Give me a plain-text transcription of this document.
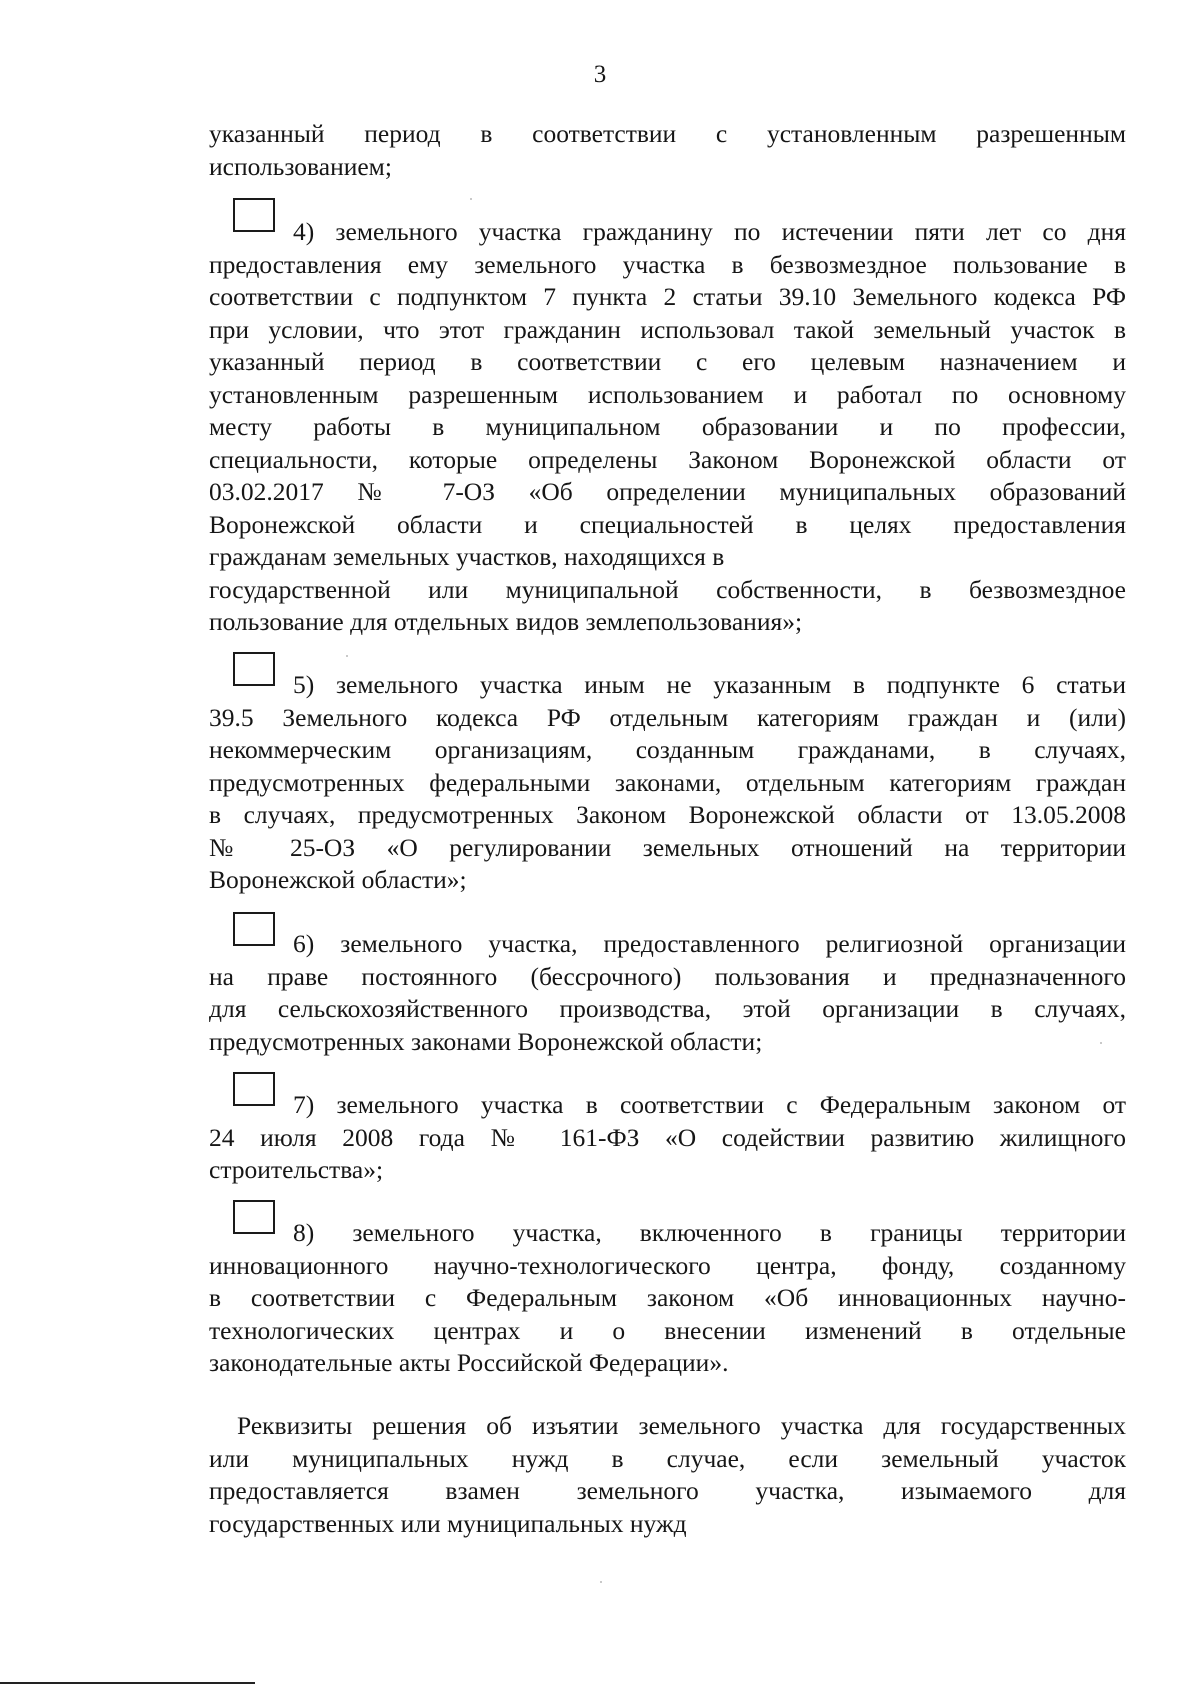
3
указанный период в соответствии с установленным разрешенным
использованием;
4) земельного участка гражданину по истечении пяти лет со дня
предоставления ему земельного участка в безвозмездное пользование в
соответствии с подпунктом 7 пункта 2 статьи 39.10 Земельного кодекса РФ
при условии, что этот гражданин использовал такой земельный участок в
указанный период в соответствии с его целевым назначением и
установленным разрешенным использованием и работал по основному
месту работы в муниципальном образовании и по профессии,
специальности, которые определены Законом Воронежской области от
03.02.2017 № 7-ОЗ «Об определении муниципальных образований
Воронежской области и специальностей в целях предоставления
гражданам земельных участков, находящихся в
государственной или муниципальной собственности, в безвозмездное
пользование для отдельных видов землепользования»;
5) земельного участка иным не указанным в подпункте 6 статьи
39.5 Земельного кодекса РФ отдельным категориям граждан и (или)
некоммерческим организациям, созданным гражданами, в случаях,
предусмотренных федеральными законами, отдельным категориям граждан
в случаях, предусмотренных Законом Воронежской области от 13.05.2008
№ 25-ОЗ «О регулировании земельных отношений на территории
Воронежской области»;
6) земельного участка, предоставленного религиозной организации
на праве постоянного (бессрочного) пользования и предназначенного
для сельскохозяйственного производства, этой организации в случаях,
предусмотренных законами Воронежской области;
7) земельного участка в соответствии с Федеральным законом от
24 июля 2008 года № 161-ФЗ «О содействии развитию жилищного
строительства»;
8) земельного участка, включенного в границы территории
инновационного научно-технологического центра, фонду, созданному
в соответствии с Федеральным законом «Об инновационных научно-
технологических центрах и о внесении изменений в отдельные
законодательные акты Российской Федерации».
Реквизиты решения об изъятии земельного участка для государственных
или муниципальных нужд в случае, если земельный участок
предоставляется взамен земельного участка, изымаемого для
государственных или муниципальных нужд
